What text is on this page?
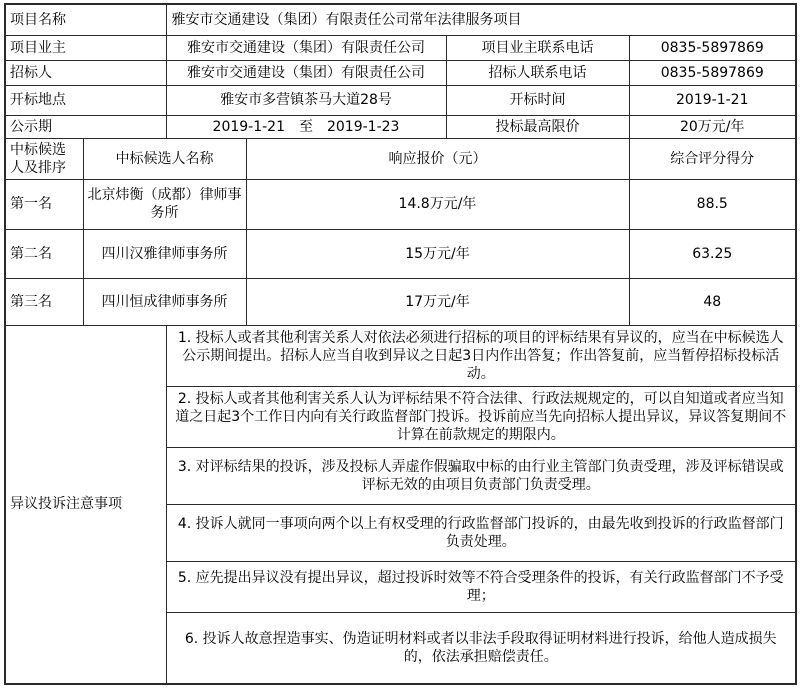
项目名称		雅安市交通建设（集团）有限责任公司常年法律服务项目			
项目业主		雅安市交通建设（集团）有限责任公司		项目业主联系电话	0835-5897869
招标人		雅安市交通建设（集团）有限责任公司		招标人联系电话	0835-5897869
开标地点		雅安市多营镇茶马大道28号		开标时间	2019-1-21
公示期		2019-1-21　至　2019-1-23		投标最高限价	20万元/年
中标候选人及排序	中标候选人名称		响应报价（元）		综合评分得分
第一名	北京炜衡（成都）律师事务所		14.8万元/年		88.5
第二名	四川汉雅律师事务所		15万元/年		63.25
第三名	四川恒成律师事务所		17万元/年		48
异议投诉注意事项		1. 投标人或者其他利害关系人对依法必须进行招标的项目的评标结果有异议的，应当在中标候选人公示期间提出。招标人应当自收到异议之日起3日内作出答复；作出答复前，应当暂停招标投标活动。			
		2. 投标人或者其他利害关系人认为评标结果不符合法律、行政法规规定的，可以自知道或者应当知道之日起3个工作日内向有关行政监督部门投诉。投诉前应当先向招标人提出异议，异议答复期间不计算在前款规定的期限内。			
		3. 对评标结果的投诉，涉及投标人弄虚作假骗取中标的由行业主管部门负责受理，涉及评标错误或评标无效的由项目负责部门负责受理。			
		4. 投诉人就同一事项向两个以上有权受理的行政监督部门投诉的，由最先收到投诉的行政监督部门负责处理。			
		5. 应先提出异议没有提出异议，超过投诉时效等不符合受理条件的投诉，有关行政监督部门不予受理；			
		6. 投诉人故意捏造事实、伪造证明材料或者以非法手段取得证明材料进行投诉，给他人造成损失的，依法承担赔偿责任。			
